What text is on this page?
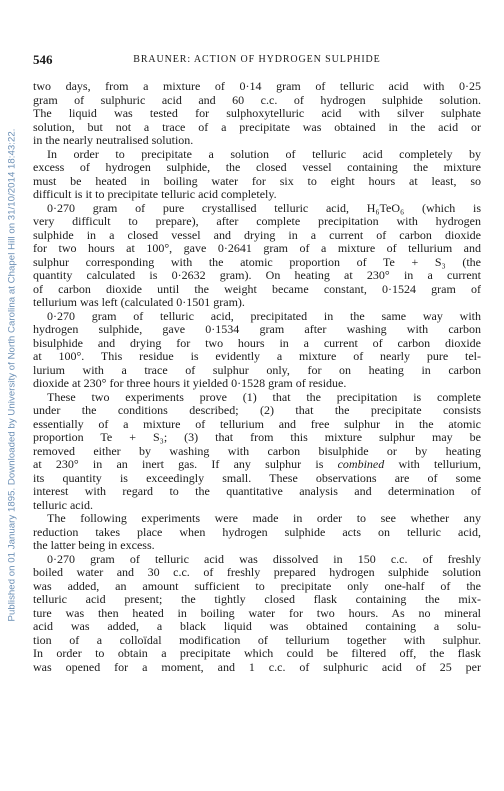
Published on 01 January 1895. Downloaded by University of North Carolina at Chapel Hill on 31/10/2014 18:43:22.
546	BRAUNER: ACTION OF HYDROGEN SULPHIDE
two days, from a mixture of 0·14 gram of telluric acid with 0·25
gram of sulphuric acid and 60 c.c. of hydrogen sulphide solution.
The liquid was tested for sulphoxytelluric acid with silver sulphate
solution, but not a trace of a precipitate was obtained in the acid or
in the nearly neutralised solution.
In order to precipitate a solution of telluric acid completely by
excess of hydrogen sulphide, the closed vessel containing the mixture
must be heated in boiling water for six to eight hours at least, so
difficult is it to precipitate telluric acid completely.
0·270 gram of pure crystallised telluric acid, H₆TeO₆ (which is
very difficult to prepare), after complete precipitation with hydrogen
sulphide in a closed vessel and drying in a current of carbon dioxide
for two hours at 100°, gave 0·2641 gram of a mixture of tellurium and
sulphur corresponding with the atomic proportion of Te + S₃ (the
quantity calculated is 0·2632 gram). On heating at 230° in a current
of carbon dioxide until the weight became constant, 0·1524 gram of
tellurium was left (calculated 0·1501 gram).
0·270 gram of telluric acid, precipitated in the same way with
hydrogen sulphide, gave 0·1534 gram after washing with carbon
bisulphide and drying for two hours in a current of carbon dioxide
at 100°. This residue is evidently a mixture of nearly pure tel-
lurium with a trace of sulphur only, for on heating in carbon
dioxide at 230° for three hours it yielded 0·1528 gram of residue.
These two experiments prove (1) that the precipitation is complete
under the conditions described; (2) that the precipitate consists
essentially of a mixture of tellurium and free sulphur in the atomic
proportion Te + S₃; (3) that from this mixture sulphur may be
removed either by washing with carbon bisulphide or by heating
at 230° in an inert gas. If any sulphur is combined with tellurium,
its quantity is exceedingly small. These observations are of some
interest with regard to the quantitative analysis and determination of
telluric acid.
The following experiments were made in order to see whether any
reduction takes place when hydrogen sulphide acts on telluric acid,
the latter being in excess.
0·270 gram of telluric acid was dissolved in 150 c.c. of freshly
boiled water and 30 c.c. of freshly prepared hydrogen sulphide solution
was added, an amount sufficient to precipitate only one-half of the
telluric acid present; the tightly closed flask containing the mix-
ture was then heated in boiling water for two hours. As no mineral
acid was added, a black liquid was obtained containing a solu-
tion of a colloïdal modification of tellurium together with sulphur.
In order to obtain a precipitate which could be filtered off, the flask
was opened for a moment, and 1 c.c. of sulphuric acid of 25 per
